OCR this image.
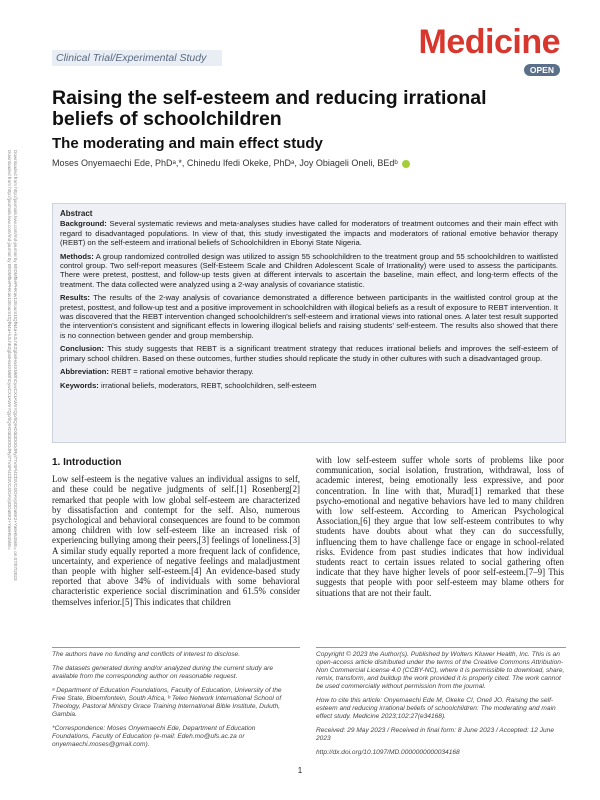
Downloaded from http://journals.lww.com/md-journal by BhDMf5ePHKav1zEoum1tQfN4a+kJLhEZgbsIHo4XMi0hCywCX1AWnYQp/IlQrHD3i3D0OdRyi7TvSFl4Cf3VC4/OAVpDDa8K2+Ya6H515kE= on 07/07/2023
Downloaded from http://journals.lww.com/md-journal by BhDMf5ePHKav1zEoum1tQfN4a+kJLhEZgbsIHo4XMi0hCywCX1AWnYQp/IlQrHD3i3D0OdRyi7TvSFl4Cf3VC4/OAVpDDa8K2+Ya6H515kE=
Clinical Trial/Experimental Study	Medicine
OPEN
Raising the self-esteem and reducing irrational beliefs of schoolchildren
The moderating and main effect study
Moses Onyemaechi Ede, PhDᵃ,*, Chinedu Ifedi Okeke, PhDᵃ, Joy Obiageli Oneli, BEdᵇ
Abstract

Background: Several systematic reviews and meta-analyses studies have called for moderators of treatment outcomes and their main effect with regard to disadvantaged populations. In view of that, this study investigated the impacts and moderators of rational emotive behavior therapy (REBT) on the self-esteem and irrational beliefs of Schoolchildren in Ebonyi State Nigeria.

Methods: A group randomized controlled design was utilized to assign 55 schoolchildren to the treatment group and 55 schoolchildren to waitlisted control group. Two self-report measures (Self-Esteem Scale and Children Adolescent Scale of Irrationality) were used to assess the participants. There were pretest, posttest, and follow-up tests given at different intervals to ascertain the baseline, main effect, and long-term effects of the treatment. The data collected were analyzed using a 2-way analysis of covariance statistic.

Results: The results of the 2-way analysis of covariance demonstrated a difference between participants in the waitlisted control group at the pretest, posttest, and follow-up test and a positive improvement in schoolchildren with illogical beliefs as a result of exposure to REBT intervention. It was discovered that the REBT intervention changed schoolchildren's self-esteem and irrational views into rational ones. A later test result supported the intervention's consistent and significant effects in lowering illogical beliefs and raising students' self-esteem. The results also showed that there is no connection between gender and group membership.

Conclusion: This study suggests that REBT is a significant treatment strategy that reduces irrational beliefs and improves the self-esteem of primary school children. Based on these outcomes, further studies should replicate the study in other cultures with such a disadvantaged group.

Abbreviation: REBT = rational emotive behavior therapy.

Keywords: irrational beliefs, moderators, REBT, schoolchildren, self-esteem

1. Introduction

Low self-esteem is the negative values an individual assigns to self, and these could be negative judgments of self.[1] Rosenberg[2] remarked that people with low global self-esteem are characterized by dissatisfaction and contempt for the self. Also, numerous psychological and behavioral consequences are found to be common among children with low self-esteem like an increased risk of experiencing bullying among their peers,[3] feelings of loneliness.[3] A similar study equally reported a more frequent lack of confidence, uncertainty, and experience of negative feelings and maladjustment than people with higher self-esteem.[4] An evidence-based study reported that above 34% of individuals with some behavioral characteristic experience social discrimination and 61.5% consider themselves inferior.[5] This indicates that children

with low self-esteem suffer whole sorts of problems like poor communication, social isolation, frustration, withdrawal, loss of academic interest, being emotionally less expressive, and poor concentration. In line with that, Murad[1] remarked that these psycho-emotional and negative behaviors have led to many children with low self-esteem. According to American Psychological Association,[6] they argue that low self-esteem contributes to why students have doubts about what they can do successfully, influencing them to have challenge face or engage in school-related risks. Evidence from past studies indicates that how individual students react to certain issues related to social gathering often indicate that they have higher levels of poor self-esteem.[7–9] This suggests that people with poor self-esteem may blame others for situations that are not their fault.

The authors have no funding and conflicts of interest to disclose.

The datasets generated during and/or analyzed during the current study are available from the corresponding author on reasonable request.

ᵃ Department of Education Foundations, Faculty of Education, University of the Free State, Bloemfontein, South Africa, ᵇ Teleo Network International School of Theology, Pastoral Ministry Grace Training International Bible Institute, Duluth, Gambia.

*Correspondence: Moses Onyemaechi Ede, Department of Education Foundations, Faculty of Education (e-mail: Edeh.mo@ufs.ac.za or onyemaechi.moses@gmail.com).

Copyright © 2023 the Author(s). Published by Wolters Kluwer Health, Inc. This is an open-access article distributed under the terms of the Creative Commons Attribution-Non Commercial License 4.0 (CCBY-NC), where it is permissible to download, share, remix, transform, and buildup the work provided it is properly cited. The work cannot be used commercially without permission from the journal.

How to cite this article: Onyemaechi Ede M, Okeke CI, Oneli JO. Raising the self-esteem and reducing irrational beliefs of schoolchildren: The moderating and main effect study. Medicine 2023;102:27(e34168).

Received: 29 May 2023 / Received in final form: 8 June 2023 / Accepted: 12 June 2023

http://dx.doi.org/10.1097/MD.0000000000034168

1
